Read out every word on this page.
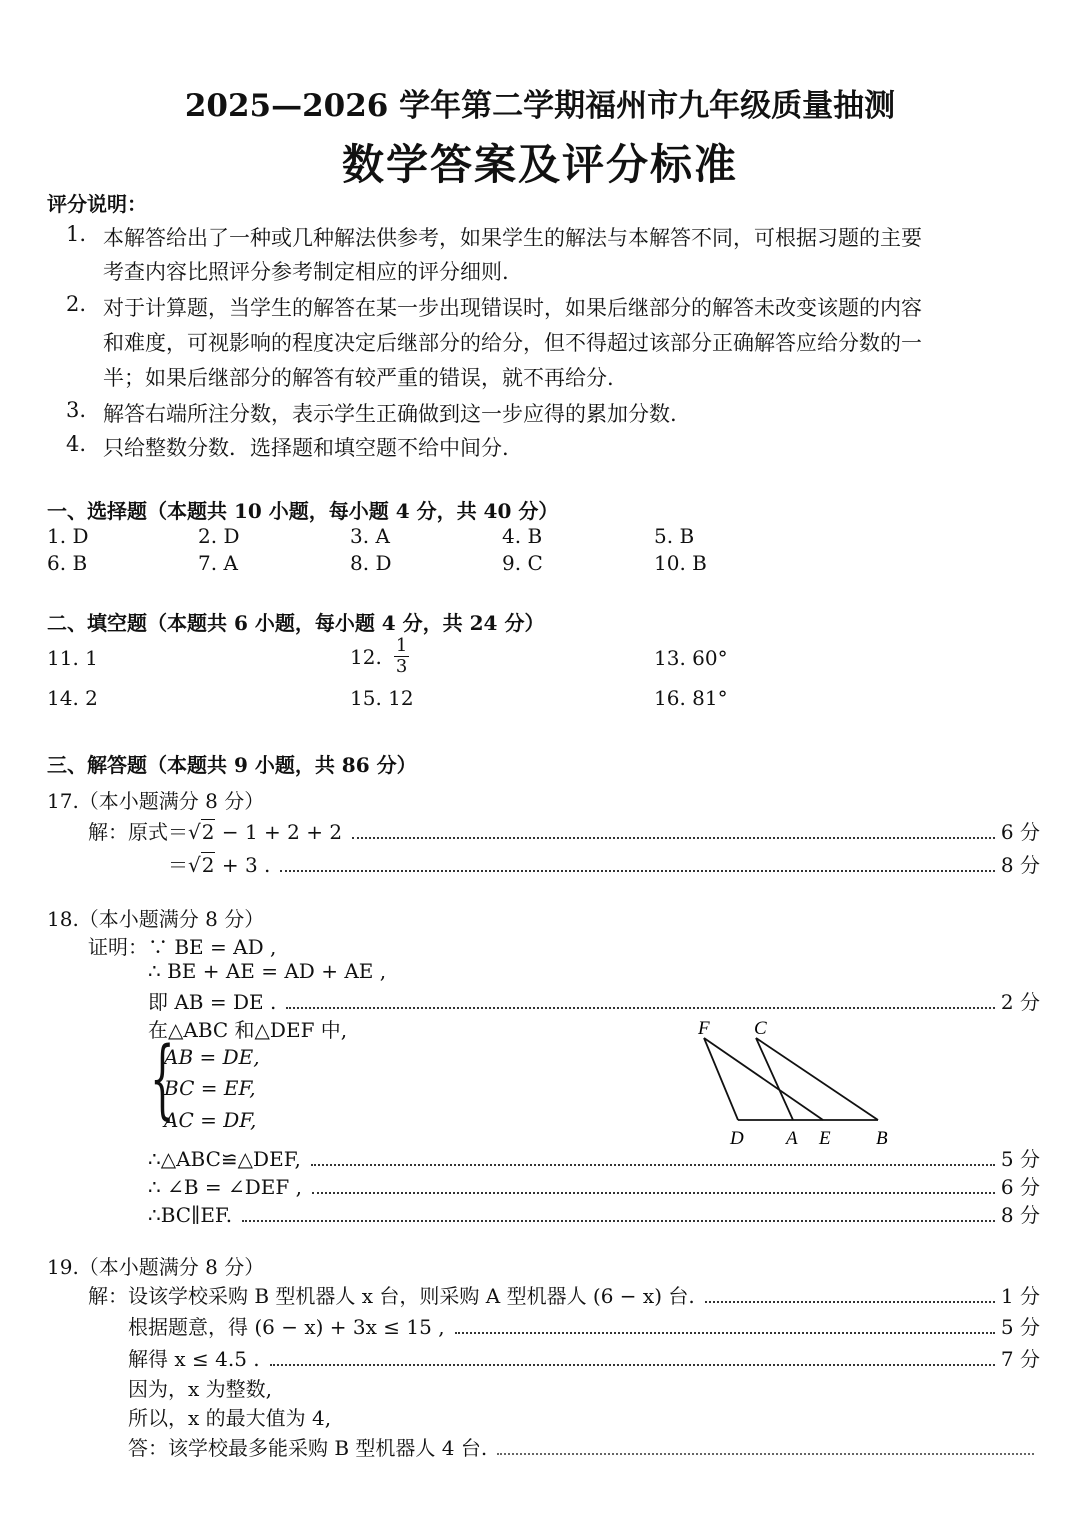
2025—2026 学年第二学期福州市九年级质量抽测
数学答案及评分标准
评分说明：
1. 本解答给出了一种或几种解法供参考，如果学生的解法与本解答不同，可根据习题的主要
考查内容比照评分参考制定相应的评分细则.
2. 对于计算题，当学生的解答在某一步出现错误时，如果后继部分的解答未改变该题的内容
和难度，可视影响的程度决定后继部分的给分，但不得超过该部分正确解答应给分数的一
半；如果后继部分的解答有较严重的错误，就不再给分.
3. 解答右端所注分数，表示学生正确做到这一步应得的累加分数.
4. 只给整数分数．选择题和填空题不给中间分.
一、选择题（本题共 10 小题，每小题 4 分，共 40 分）
1. D	2. D	3. A	4. B	5. B
6. B	7. A	8. D	9. C	10. B
二、填空题（本题共 6 小题，每小题 4 分，共 24 分）
11. 1	12. $\frac{1}{3}$	13. 60°
14. 2	15. 12	16. 81°
三、解答题（本题共 9 小题，共 86 分）
17.（本小题满分 8 分）
解：原式＝√2 − 1 + 2 + 2	6 分
＝√2 + 3 .	8 分
18.（本小题满分 8 分）
证明：∵ BE = AD ,
∴ BE + AE = AD + AE ,
即 AB = DE .	2 分
在△ABC 和△DEF 中,
{
AB = DE,
BC = EF,
AC = DF,
F C
D A E B
∴△ABC≌△DEF,	5 分
∴ ∠B = ∠DEF ,	6 分
∴BC∥EF.	8 分
19.（本小题满分 8 分）
解：设该学校采购 B 型机器人 x 台，则采购 A 型机器人 (6 − x) 台.	1 分
根据题意，得 (6 − x) + 3x ≤ 15 ,	5 分
解得 x ≤ 4.5 .	7 分
因为，x 为整数,
所以，x 的最大值为 4,
答：该学校最多能采购 B 型机器人 4 台.
